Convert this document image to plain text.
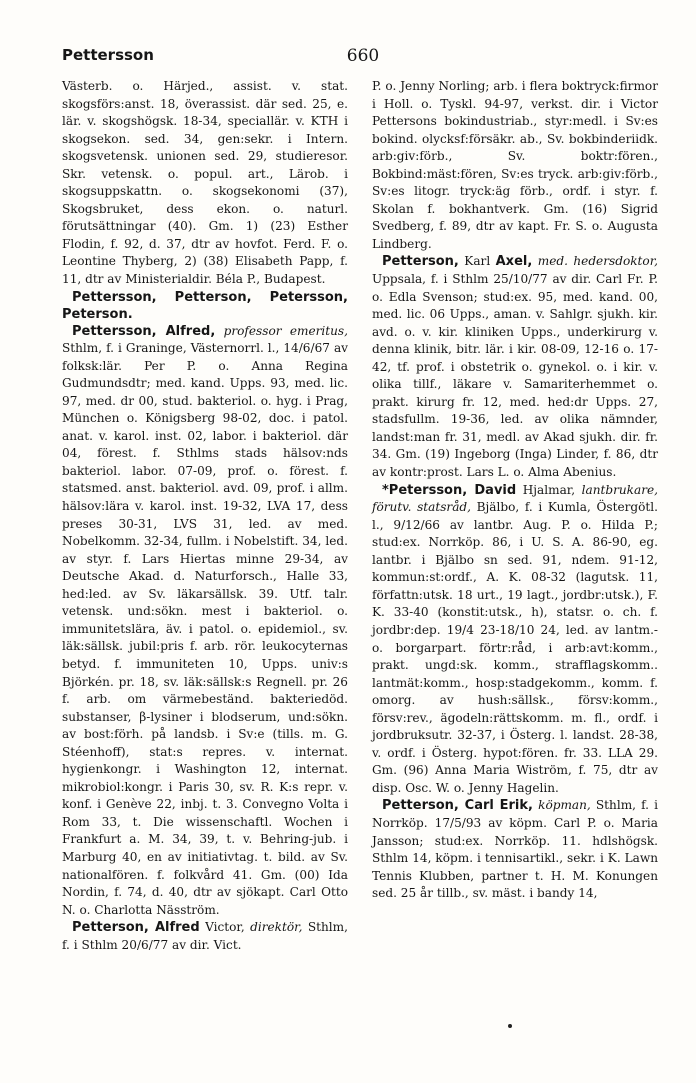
Pettersson	660

Västerb. o. Härjed., assist. v. stat. skogsförs:anst. 18, överassist. där sed. 25, e. lär. v. skogshögsk. 18-34, speciallär. v. KTH i skogsekon. sed. 34, gen:sekr. i Intern. skogsvetensk. unionen sed. 29, studieresor. Skr. vetensk. o. popul. art., Lärob. i skogsuppskattn. o. skogsekonomi (37), Skogsbruket, dess ekon. o. naturl. förutsättningar (40). Gm. 1) (23) Esther Flodin, f. 92, d. 37, dtr av hovfot. Ferd. F. o. Leontine Thyberg, 2) (38) Elisabeth Papp, f. 11, dtr av Ministerialdir. Béla P., Budapest.

Pettersson, Petterson, Petersson, Peterson.

Pettersson, Alfred, professor emeritus, Sthlm, f. i Graninge, Västernorrl. l., 14/6/67 av folksk:lär. Per P. o. Anna Regina Gudmundsdtr; med. kand. Upps. 93, med. lic. 97, med. dr 00, stud. bakteriol. o. hyg. i Prag, München o. Königsberg 98-02, doc. i patol. anat. v. karol. inst. 02, labor. i bakteriol. där 04, förest. f. Sthlms stads hälsov:nds bakteriol. labor. 07-09, prof. o. förest. f. statsmed. anst. bakteriol. avd. 09, prof. i allm. hälsov:lära v. karol. inst. 19-32, LVA 17, dess preses 30-31, LVS 31, led. av med. Nobelkomm. 32-34, fullm. i Nobelstift. 34, led. av styr. f. Lars Hiertas minne 29-34, av Deutsche Akad. d. Naturforsch., Halle 33, hed:led. av Sv. läkarsällsk. 39. Utf. talr. vetensk. und:sökn. mest i bakteriol. o. immunitetslära, äv. i patol. o. epidemiol., sv. läk:sällsk. jubil:pris f. arb. rör. leukocyternas betyd. f. immuniteten 10, Upps. univ:s Björkén. pr. 18, sv. läk:sällsk:s Regnell. pr. 26 f. arb. om värmebeständ. bakteriedöd. substanser, β-lysiner i blodserum, und:sökn. av bost:förh. på landsb. i Sv:e (tills. m. G. Stéenhoff), stat:s repres. v. internat. hygienkongr. i Washington 12, internat. mikrobiol:kongr. i Paris 30, sv. R. K:s repr. v. konf. i Genève 22, inbj. t. 3. Convegno Volta i Rom 33, t. Die wissenschaftl. Wochen i Frankfurt a. M. 34, 39, t. v. Behring-jub. i Marburg 40, en av initiativtag. t. bild. av Sv. nationalfören. f. folkvård 41. Gm. (00) Ida Nordin, f. 74, d. 40, dtr av sjökapt. Carl Otto N. o. Charlotta Näsström.

Petterson, Alfred Victor, direktör, Sthlm, f. i Sthlm 20/6/77 av dir. Vict.

P. o. Jenny Norling; arb. i flera boktryck:firmor i Holl. o. Tyskl. 94-97, verkst. dir. i Victor Pettersons bokindustriab., styr:medl. i Sv:es bokind. olycksf:försäkr. ab., Sv. bokbinderiidk. arb:giv:förb., Sv. boktr:fören., Bokbind:mäst:fören, Sv:es tryck. arb:giv:förb., Sv:es litogr. tryck:äg förb., ordf. i styr. f. Skolan f. bokhantverk. Gm. (16) Sigrid Svedberg, f. 89, dtr av kapt. Fr. S. o. Augusta Lindberg.

Petterson, Karl Axel, med. hedersdoktor, Uppsala, f. i Sthlm 25/10/77 av dir. Carl Fr. P. o. Edla Svenson; stud:ex. 95, med. kand. 00, med. lic. 06 Upps., aman. v. Sahlgr. sjukh. kir. avd. o. v. kir. kliniken Upps., underkirurg v. denna klinik, bitr. lär. i kir. 08-09, 12-16 o. 17-42, tf. prof. i obstetrik o. gynekol. o. i kir. v. olika tillf., läkare v. Samariterhemmet o. prakt. kirurg fr. 12, med. hed:dr Upps. 27, stadsfullm. 19-36, led. av olika nämnder, landst:man fr. 31, medl. av Akad sjukh. dir. fr. 34. Gm. (19) Ingeborg (Inga) Linder, f. 86, dtr av kontr:prost. Lars L. o. Alma Abenius.

*Petersson, David Hjalmar, lantbrukare, förutv. statsråd, Bjälbo, f. i Kumla, Östergötl. l., 9/12/66 av lantbr. Aug. P. o. Hilda P.; stud:ex. Norrköp. 86, i U. S. A. 86-90, eg. lantbr. i Bjälbo sn sed. 91, ndem. 91-12, kommun:st:ordf., A. K. 08-32 (lagutsk. 11, författn:utsk. 18 urt., 19 lagt., jordbr:utsk.), F. K. 33-40 (konstit:utsk., h), statsr. o. ch. f. jordbr:dep. 19/4 23-18/10 24, led. av lantm.- o. borgarpart. förtr:råd, i arb:avt:komm., prakt. ungd:sk. komm., strafflagskomm.. lantmät:komm., hosp:stadgekomm., komm. f. omorg. av hush:sällsk., försv:komm., försv:rev., ägodeln:rättskomm. m. fl., ordf. i jordbruksutr. 32-37, i Österg. l. landst. 28-38, v. ordf. i Österg. hypot:fören. fr. 33. LLA 29. Gm. (96) Anna Maria Wiström, f. 75, dtr av disp. Osc. W. o. Jenny Hagelin.

Petterson, Carl Erik, köpman, Sthlm, f. i Norrköp. 17/5/93 av köpm. Carl P. o. Maria Jansson; stud:ex. Norrköp. 11. hdlshögsk. Sthlm 14, köpm. i tennisartikl., sekr. i K. Lawn Tennis Klubben, partner t. H. M. Konungen sed. 25 år tillb., sv. mäst. i bandy 14,
